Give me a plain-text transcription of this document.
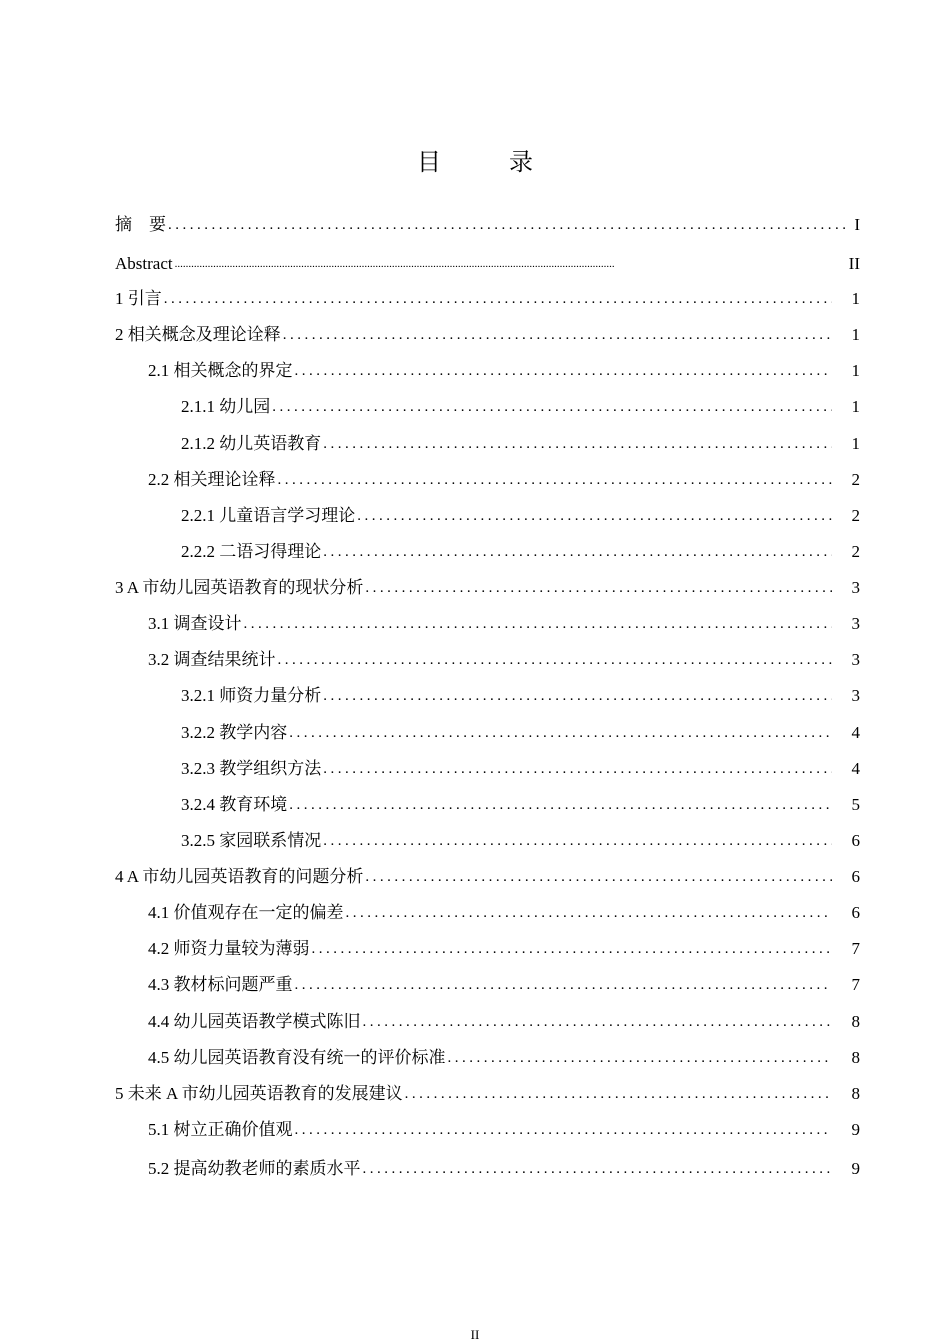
目　录
摘　要 .....	I
Abstract .....	II
1 引言 .....	1
2 相关概念及理论诠释 .....	1
2.1 相关概念的界定 .....	1
2.1.1 幼儿园 .....	1
2.1.2 幼儿英语教育 .....	1
2.2 相关理论诠释 .....	2
2.2.1 儿童语言学习理论 .....	2
2.2.2 二语习得理论 .....	2
3 A 市幼儿园英语教育的现状分析 .....	3
3.1 调查设计 .....	3
3.2 调查结果统计 .....	3
3.2.1 师资力量分析 .....	3
3.2.2 教学内容 .....	4
3.2.3 教学组织方法 .....	4
3.2.4 教育环境 .....	5
3.2.5 家园联系情况 .....	6
4 A 市幼儿园英语教育的问题分析 .....	6
4.1 价值观存在一定的偏差 .....	6
4.2 师资力量较为薄弱 .....	7
4.3 教材标问题严重 .....	7
4.4 幼儿园英语教学模式陈旧 .....	8
4.5 幼儿园英语教育没有统一的评价标准 .....	8
5 未来 A 市幼儿园英语教育的发展建议 .....	8
5.1 树立正确价值观 .....	9
5.2 提高幼教老师的素质水平 .....	9
II
